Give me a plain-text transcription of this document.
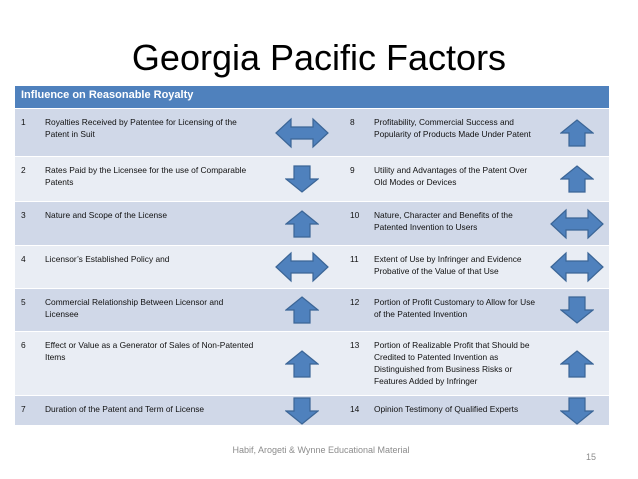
Georgia Pacific Factors
Influence on Reasonable Royalty					
1	Royalties Received by Patentee for Licensing of the Patent in Suit		8	Profitability, Commercial Success and Popularity of Products Made Under Patent	

2	Rates Paid by the Licensee for the use of Comparable Patents		9	Utility and Advantages of the Patent Over Old Modes or Devices	

3	Nature and Scope of the License		10	Nature, Character and Benefits of the Patented Invention to Users	

4	Licensor’s Established Policy and		11	Extent of Use by Infringer and Evidence Probative of the Value of that Use	

5	Commercial Relationship Between Licensor and Licensee		12	Portion of Profit Customary to Allow for Use of the Patented Invention	

6	Effect or Value as a Generator of Sales of Non-Patented Items		13	Portion of Realizable Profit that Should be Credited to Patented Invention as Distinguished from Business Risks or Features Added by Infringer	

7	Duration of the Patent and Term of License		14	Opinion Testimony of Qualified Experts	
Habif, Arogeti & Wynne Educational Material
15
